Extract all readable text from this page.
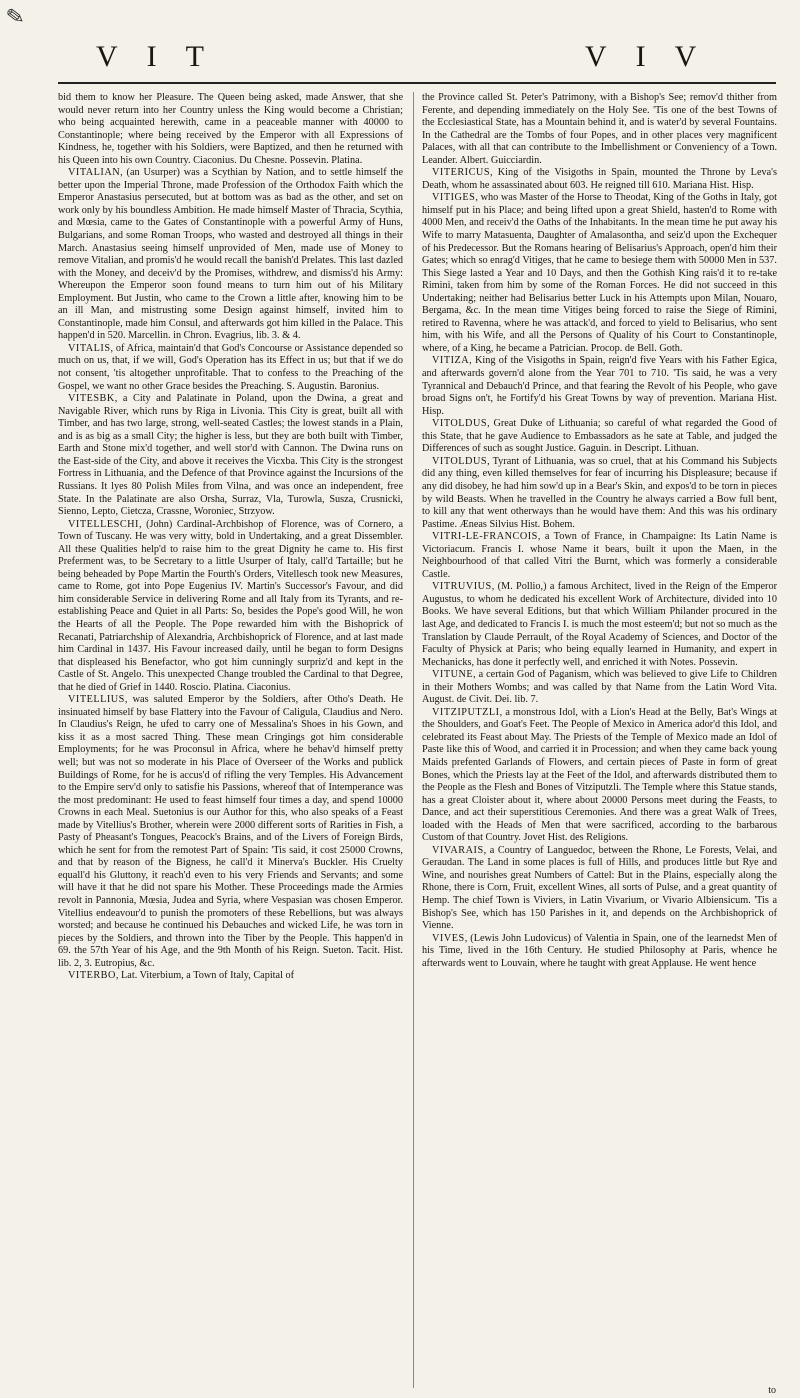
✎
V I T	V I V

bid them to know her Pleasure. The Queen being asked, made Answer, that she would never return into her Country unless the King would become a Christian; who being acquainted herewith, came in a peaceable manner with 40000 to Constantinople; where being received by the Emperor with all Expressions of Kindness, he, together with his Soldiers, were Baptized, and then he returned with his Queen into his own Country. Ciaconius. Du Chesne. Possevin. Platina.

VITALIAN, (an Usurper) was a Scythian by Nation, and to settle himself the better upon the Imperial Throne, made Profession of the Orthodox Faith which the Emperor Anastasius persecuted, but at bottom was as bad as the other, and set on work only by his boundless Ambition. He made himself Master of Thracia, Scythia, and Mœsia, came to the Gates of Constantinople with a powerful Army of Huns, Bulgarians, and some Roman Troops, who wasted and destroyed all things in their March. Anastasius seeing himself unprovided of Men, made use of Money to remove Vitalian, and promis'd he would recall the banish'd Prelates. This last dazled with the Money, and deceiv'd by the Promises, withdrew, and dismiss'd his Army: Whereupon the Emperor soon found means to turn him out of his Military Employment. But Justin, who came to the Crown a little after, knowing him to be an ill Man, and mistrusting some Design against himself, invited him to Constantinople, made him Consul, and afterwards got him killed in the Palace. This happen'd in 520. Marcellin. in Chron. Evagrius, lib. 3. & 4.

VITALIS, of Africa, maintain'd that God's Concourse or Assistance depended so much on us, that, if we will, God's Operation has its Effect in us; but that if we do not consent, 'tis altogether unprofitable. That to confess to the Preaching of the Gospel, we want no other Grace besides the Preaching. S. Augustin. Baronius.

VITESBK, a City and Palatinate in Poland, upon the Dwina, a great and Navigable River, which runs by Riga in Livonia. This City is great, built all with Timber, and has two large, strong, well-seated Castles; the lowest stands in a Plain, and is as big as a small City; the higher is less, but they are both built with Timber, Earth and Stone mix'd together, and well stor'd with Cannon. The Dwina runs on the East-side of the City, and above it receives the Vicxba. This City is the strongest Fortress in Lithuania, and the Defence of that Province against the Incursions of the Russians. It lyes 80 Polish Miles from Vilna, and was once an independent, free State. In the Palatinate are also Orsha, Surraz, Vla, Turowla, Susza, Crusnicki, Sienno, Lepto, Cietcza, Crassne, Woroniec, Strzyow.

VITELLESCHI, (John) Cardinal-Archbishop of Florence, was of Cornero, a Town of Tuscany. He was very witty, bold in Undertaking, and a great Dissembler. All these Qualities help'd to raise him to the great Dignity he came to. His first Preferment was, to be Secretary to a little Usurper of Italy, call'd Tartaille; but he being beheaded by Pope Martin the Fourth's Orders, Vitellesch took new Measures, came to Rome, got into Pope Eugenius IV. Martin's Successor's Favour, and did him considerable Service in delivering Rome and all Italy from its Tyrants, and re-establishing Peace and Quiet in all Parts: So, besides the Pope's good Will, he won the Hearts of all the People. The Pope rewarded him with the Bishoprick of Recanati, Patriarchship of Alexandria, Archbishoprick of Florence, and at last made him Cardinal in 1437. His Favour increased daily, until he began to form Designs that displeased his Benefactor, who got him cunningly surpriz'd and kept in the Castle of St. Angelo. This unexpected Change troubled the Cardinal to that Degree, that he died of Grief in 1440. Roscio. Platina. Ciaconius.

VITELLIUS, was saluted Emperor by the Soldiers, after Otho's Death. He insinuated himself by base Flattery into the Favour of Caligula, Claudius and Nero. In Claudius's Reign, he ufed to carry one of Messalina's Shoes in his Gown, and kiss it as a most sacred Thing. These mean Cringings got him considerable Employments; for he was Proconsul in Africa, where he behav'd himself pretty well; but was not so moderate in his Place of Overseer of the Works and publick Buildings of Rome, for he is accus'd of rifling the very Temples. His Advancement to the Empire serv'd only to satisfie his Passions, whereof that of Intemperance was the most predominant: He used to feast himself four times a day, and spend 10000 Crowns in each Meal. Suetonius is our Author for this, who also speaks of a Feast made by Vitellius's Brother, wherein were 2000 different sorts of Rarities in Fish, a Pasty of Pheasant's Tongues, Peacock's Brains, and of the Livers of Foreign Birds, which he sent for from the remotest Part of Spain: 'Tis said, it cost 25000 Crowns, and that by reason of the Bigness, he call'd it Minerva's Buckler. His Cruelty equall'd his Gluttony, it reach'd even to his very Friends and Servants; and some will have it that he did not spare his Mother. These Proceedings made the Armies revolt in Pannonia, Mœsia, Judea and Syria, where Vespasian was chosen Emperor. Vitellius endeavour'd to punish the promoters of these Rebellions, but was always worsted; and because he continued his Debauches and wicked Life, he was torn in pieces by the Soldiers, and thrown into the Tiber by the People. This happen'd in 69. the 57th Year of his Age, and the 9th Month of his Reign. Sueton. Tacit. Hist. lib. 2, 3. Eutropius, &c.

VITERBO, Lat. Viterbium, a Town of Italy, Capital of

the Province called St. Peter's Patrimony, with a Bishop's See; remov'd thither from Ferente, and depending immediately on the Holy See. 'Tis one of the best Towns of the Ecclesiastical State, has a Mountain behind it, and is water'd by several Fountains. In the Cathedral are the Tombs of four Popes, and in other places very magnificent Palaces, with all that can contribute to the Imbellishment or Conveniency of a Town. Leander. Albert. Guicciardin.

VITERICUS, King of the Visigoths in Spain, mounted the Throne by Leva's Death, whom he assassinated about 603. He reigned till 610. Mariana Hist. Hisp.

VITIGES, who was Master of the Horse to Theodat, King of the Goths in Italy, got himself put in his Place; and being lifted upon a great Shield, hasten'd to Rome with 4000 Men, and receiv'd the Oaths of the Inhabitants. In the mean time he put away his Wife to marry Matasuenta, Daughter of Amalasontha, and seiz'd upon the Exchequer of his Predecessor. But the Romans hearing of Belisarius's Approach, open'd him their Gates; which so enrag'd Vitiges, that he came to besiege them with 50000 Men in 537. This Siege lasted a Year and 10 Days, and then the Gothish King rais'd it to re-take Rimini, taken from him by some of the Roman Forces. He did not succeed in this Undertaking; neither had Belisarius better Luck in his Attempts upon Milan, Nouaro, Bergama, &c. In the mean time Vitiges being forced to raise the Siege of Rimini, retired to Ravenna, where he was attack'd, and forced to yield to Belisarius, who sent him, with his Wife, and all the Persons of Quality of his Court to Constantinople, where, of a King, he became a Patrician. Procop. de Bell. Goth.

VITIZA, King of the Visigoths in Spain, reign'd five Years with his Father Egica, and afterwards govern'd alone from the Year 701 to 710. 'Tis said, he was a very Tyrannical and Debauch'd Prince, and that fearing the Revolt of his People, who gave broad Signs on't, he Fortify'd his Great Towns by way of prevention. Mariana Hist. Hisp.

VITOLDUS, Great Duke of Lithuania; so careful of what regarded the Good of this State, that he gave Audience to Embassadors as he sate at Table, and judged the Differences of such as sought Justice. Gaguin. in Descript. Lithuan.

VITOLDUS, Tyrant of Lithuania, was so cruel, that at his Command his Subjects did any thing, even killed themselves for fear of incurring his Displeasure; because if any did disobey, he had him sow'd up in a Bear's Skin, and expos'd to be torn in pieces by wild Beasts. When he travelled in the Country he always carried a Bow full bent, to kill any that went otherways than he would have them: And this was his ordinary Pastime. Æneas Silvius Hist. Bohem.

VITRI-LE-FRANCOIS, a Town of France, in Champaigne: Its Latin Name is Victoriacum. Francis I. whose Name it bears, built it upon the Maen, in the Neighbourhood of that called Vitri the Burnt, which was formerly a considerable Castle.

VITRUVIUS, (M. Pollio,) a famous Architect, lived in the Reign of the Emperor Augustus, to whom he dedicated his excellent Work of Architecture, divided into 10 Books. We have several Editions, but that which William Philander procured in the last Age, and dedicated to Francis I. is much the most esteem'd; but not so much as the Translation by Claude Perrault, of the Royal Academy of Sciences, and Doctor of the Faculty of Physick at Paris; who being equally learned in Humanity, and expert in Mechanicks, has done it perfectly well, and enriched it with Notes. Possevin.

VITUNE, a certain God of Paganism, which was believed to give Life to Children in their Mothers Wombs; and was called by that Name from the Latin Word Vita. August. de Civit. Dei. lib. 7.

VITZIPUTZLI, a monstrous Idol, with a Lion's Head at the Belly, Bat's Wings at the Shoulders, and Goat's Feet. The People of Mexico in America ador'd this Idol, and celebrated its Feast about May. The Priests of the Temple of Mexico made an Idol of Paste like this of Wood, and carried it in Procession; and when they came back young Maids prefented Garlands of Flowers, and certain pieces of Paste in form of great Bones, which the Priests lay at the Feet of the Idol, and afterwards distributed them to the People as the Flesh and Bones of Vitziputzli. The Temple where this Statue stands, has a great Cloister about it, where about 20000 Persons meet during the Feasts, to Dance, and act their superstitious Ceremonies. And there was a great Walk of Trees, loaded with the Heads of Men that were sacrificed, according to the barbarous Custom of that Country. Jovet Hist. des Religions.

VIVARAIS, a Country of Languedoc, between the Rhone, Le Forests, Velai, and Geraudan. The Land in some places is full of Hills, and produces little but Rye and Wine, and nourishes great Numbers of Cattel: But in the Plains, especially along the Rhone, there is Corn, Fruit, excellent Wines, all sorts of Pulse, and a great quantity of Hemp. The chief Town is Viviers, in Latin Vivarium, or Vivario Albiensicum. 'Tis a Bishop's See, which has 150 Parishes in it, and depends on the Archbishoprick of Vienne.

VIVES, (Lewis John Ludovicus) of Valentia in Spain, one of the learnedst Men of his Time, lived in the 16th Century. He studied Philosophy at Paris, whence he afterwards went to Louvain, where he taught with great Applause. He went hence

to
